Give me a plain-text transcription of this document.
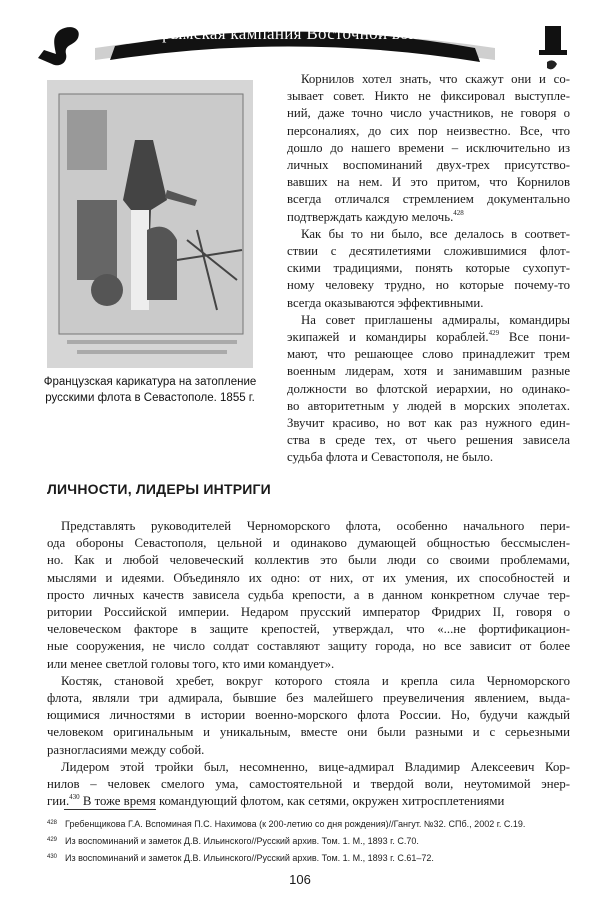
Крымская кампания Восточной войны
Французская карикатура на затопление
русскими флота в Севастополе. 1855 г.
Корнилов хотел знать, что скажут они и со-
зывает совет. Никто не фиксировал выступле-
ний, даже точно число участников, не говоря о
персоналиях, до сих пор неизвестно. Все, что
дошло до нашего времени – исключительно из
личных воспоминаний двух-трех присутство-
вавших на нем. И это притом, что Корнилов
всегда отличался стремлением документально
подтверждать каждую мелочь.$^{428}$
Как бы то ни было, все делалось в соответ-
ствии с десятилетиями сложившимися флот-
скими традициями, понять которые сухопут-
ному человеку трудно, но которые почему-то
всегда оказываются эффективными.
На совет приглашены адмиралы, командиры
экипажей и командиры кораблей.$^{429}$ Все пони-
мают, что решающее слово принадлежит трем
военным лидерам, хотя и занимавшим разные
должности во флотской иерархии, но одинако-
во авторитетным у людей в морских эполетах.
Звучит красиво, но вот как раз нужного един-
ства в среде тех, от чьего решения зависела
судьба флота и Севастополя, не было.
ЛИЧНОСТИ, ЛИДЕРЫ ИНТРИГИ
Представлять руководителей Черноморского флота, особенно начального пери-
ода обороны Севастополя, цельной и одинаково думающей общностью бессмыслен-
но. Как и любой человеческий коллектив это были люди со своими проблемами,
мыслями и идеями. Объединяло их одно: от них, от их умения, их способностей и
просто личных качеств зависела судьба крепости, а в данном конкретном случае тер-
ритории Российской империи. Недаром прусский император Фридрих II, говоря о
человеческом факторе в защите крепостей, утверждал, что «...не фортификацион-
ные сооружения, не число солдат составляют защиту города, но все зависит от более
или менее светлой головы того, кто ими командует».
Костяк, становой хребет, вокруг которого стояла и крепла сила Черноморского
флота, являли три адмирала, бывшие без малейшего преувеличения явлением, выда-
ющимися личностями в истории военно-морского флота России. Но, будучи каждый
человеком оригинальным и уникальным, вместе они были разными и с серьезными
разногласиями между собой.
Лидером этой тройки был, несомненно, вице-адмирал Владимир Алексеевич Кор-
нилов – человек смелого ума, самостоятельной и твердой воли, неутомимой энер-
гии.$^{430}$ В тоже время командующий флотом, как сетями, окружен хитросплетениями
428 Гребенщикова Г.А. Вспоминая П.С. Нахимова (к 200-летию со дня рождения)//Гангут. №32. СПб., 2002 г. С.19.
429 Из воспоминаний и заметок Д.В. Ильинского//Русский архив. Том. 1. М., 1893 г. С.70.
430 Из воспоминаний и заметок Д.В. Ильинского//Русский архив. Том. 1. М., 1893 г. С.61–72.
106
